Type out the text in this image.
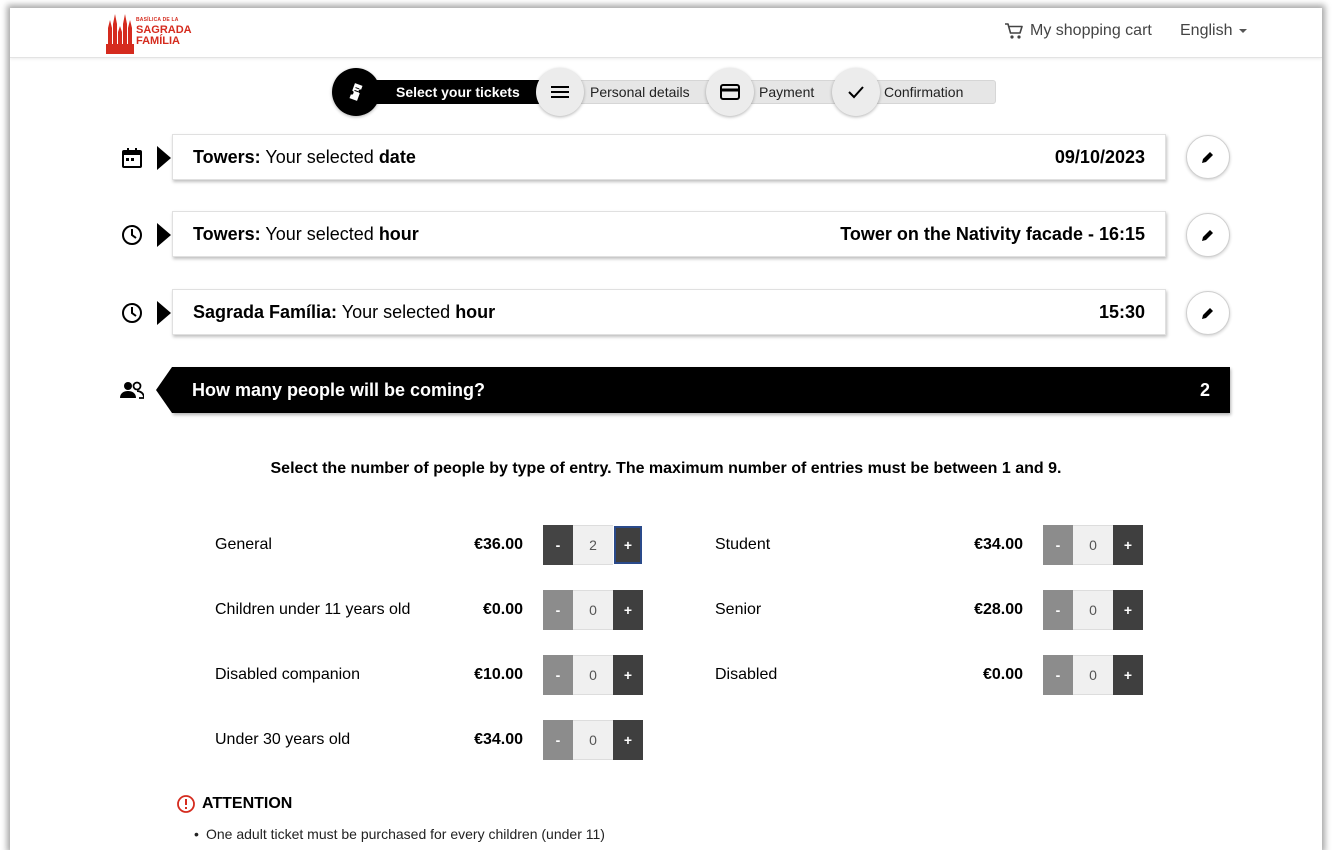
BASÍLICA DE LA
SAGRADA
FAMÍLIA
My shopping cart English
Select your tickets	Personal details	Payment	Confirmation
Towers: Your selected date	09/10/2023
Towers: Your selected hour	Tower on the Nativity facade - 16:15
Sagrada Família: Your selected hour	15:30
How many people will be coming?	2
Select the number of people by type of entry. The maximum number of entries must be between 1 and 9.
General	€36.00	-	2	+
Children under 11 years old	€0.00	-	0	+
Disabled companion	€10.00	-	0	+
Under 30 years old	€34.00	-	0	+
Student	€34.00	-	0	+
Senior	€28.00	-	0	+
Disabled	€0.00	-	0	+
ATTENTION
• One adult ticket must be purchased for every children (under 11)
